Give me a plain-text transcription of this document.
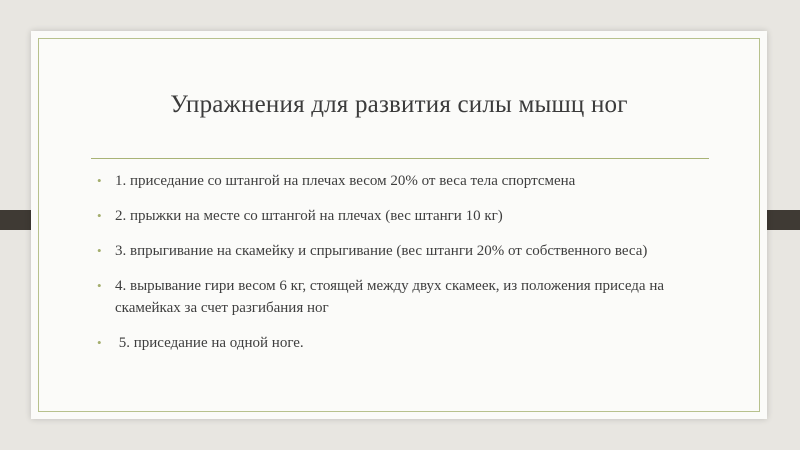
Упражнения для развития силы мышц ног
• 1. приседание со штангой на плечах весом 20% от веса тела спортсмена
• 2. прыжки на месте со штангой на плечах (вес штанги 10 кг)
• 3. впрыгивание на скамейку и спрыгивание (вес штанги 20% от собственного веса)
• 4. вырывание гири весом 6 кг, стоящей между двух скамеек, из положения приседа на скамейках за счет разгибания ног
• 5. приседание на одной ноге.
